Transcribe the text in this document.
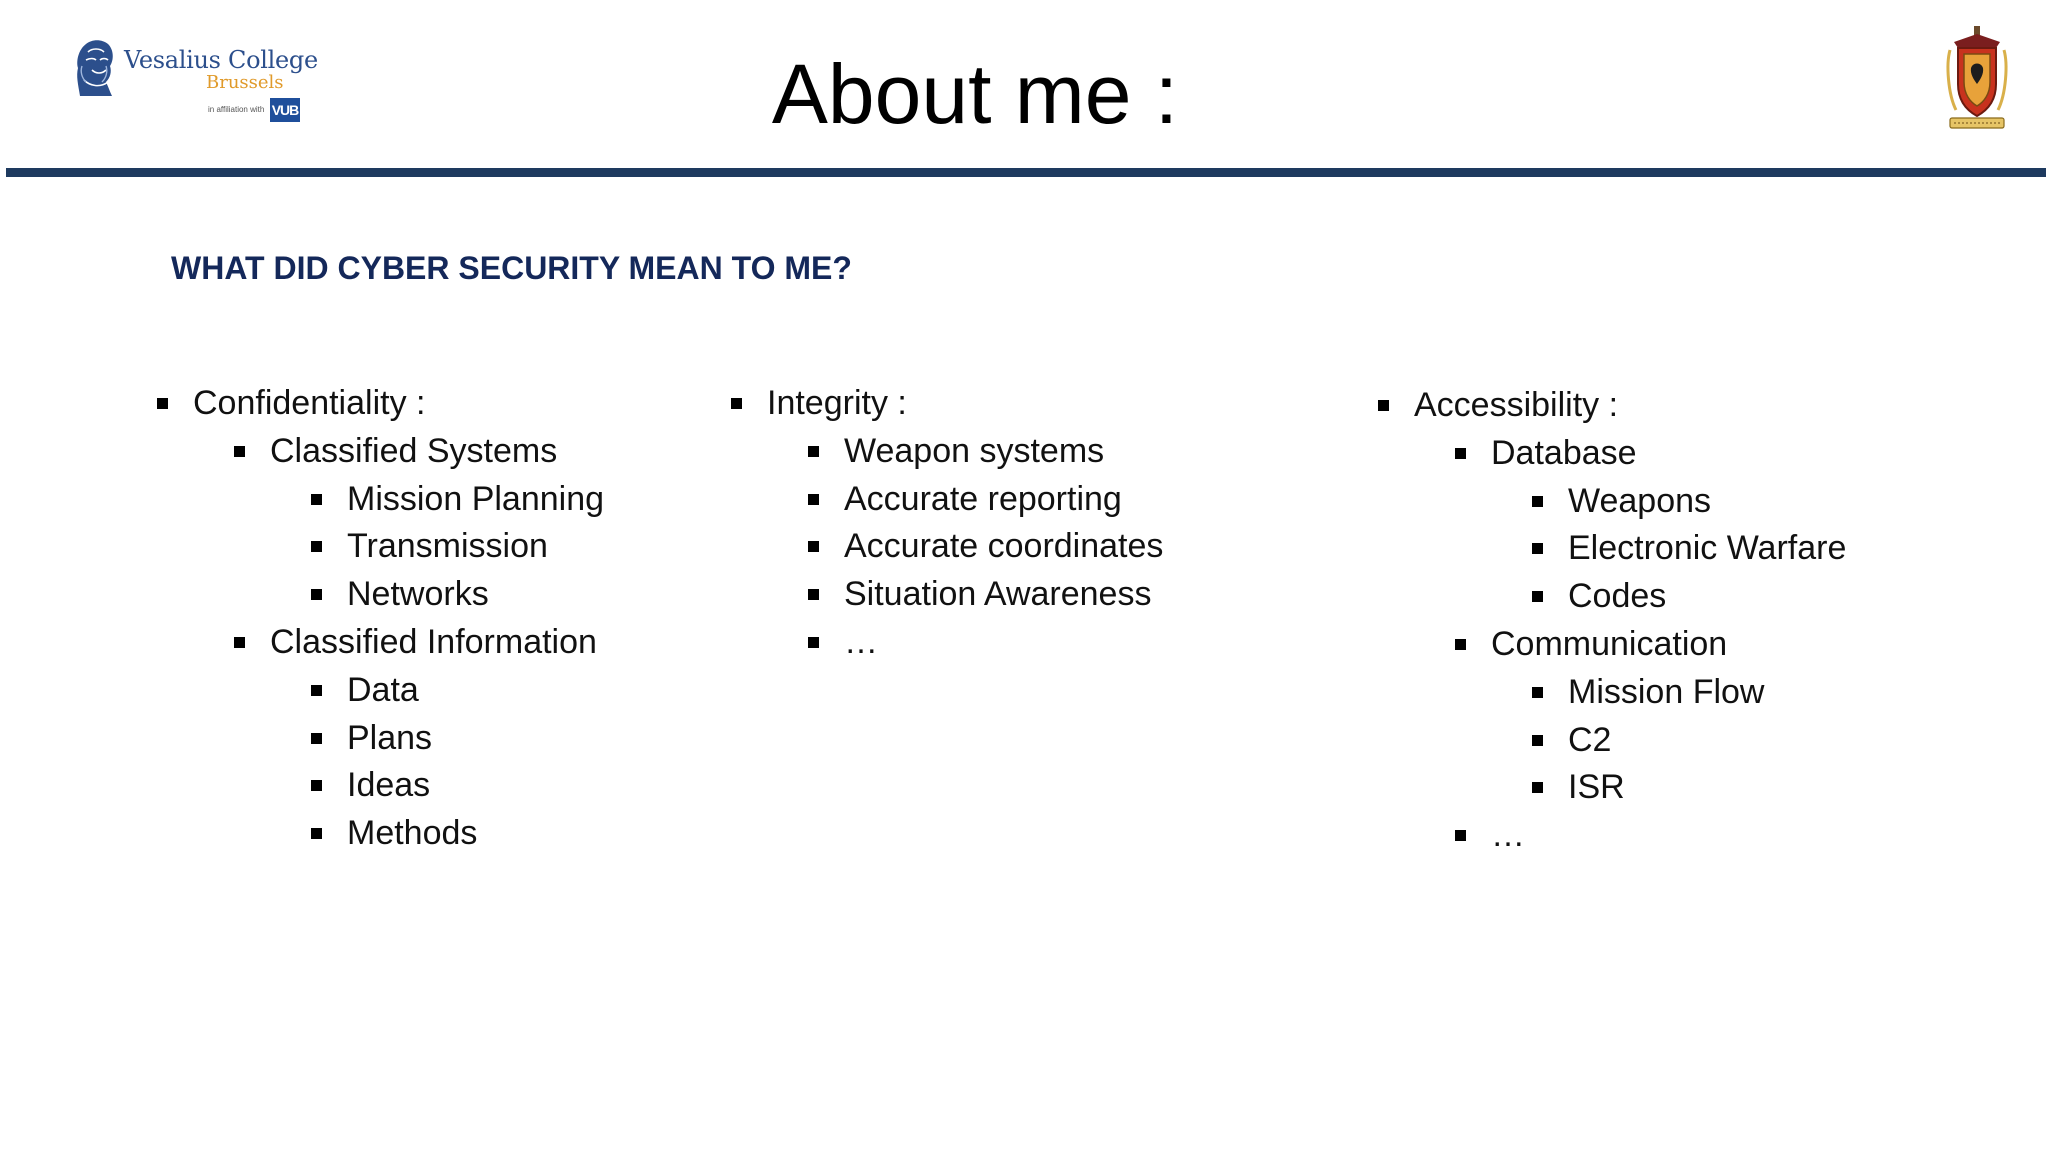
Vesalius College
Brussels
in affiliation with VUB	About me :
WHAT DID CYBER SECURITY MEAN TO ME?
Confidentiality :
Classified Systems
Mission Planning
Transmission
Networks
Classified Information
Data
Plans
Ideas
Methods
Integrity :
Weapon systems
Accurate reporting
Accurate coordinates
Situation Awareness
…
Accessibility :
Database
Weapons
Electronic Warfare
Codes
Communication
Mission Flow
C2
ISR
…
